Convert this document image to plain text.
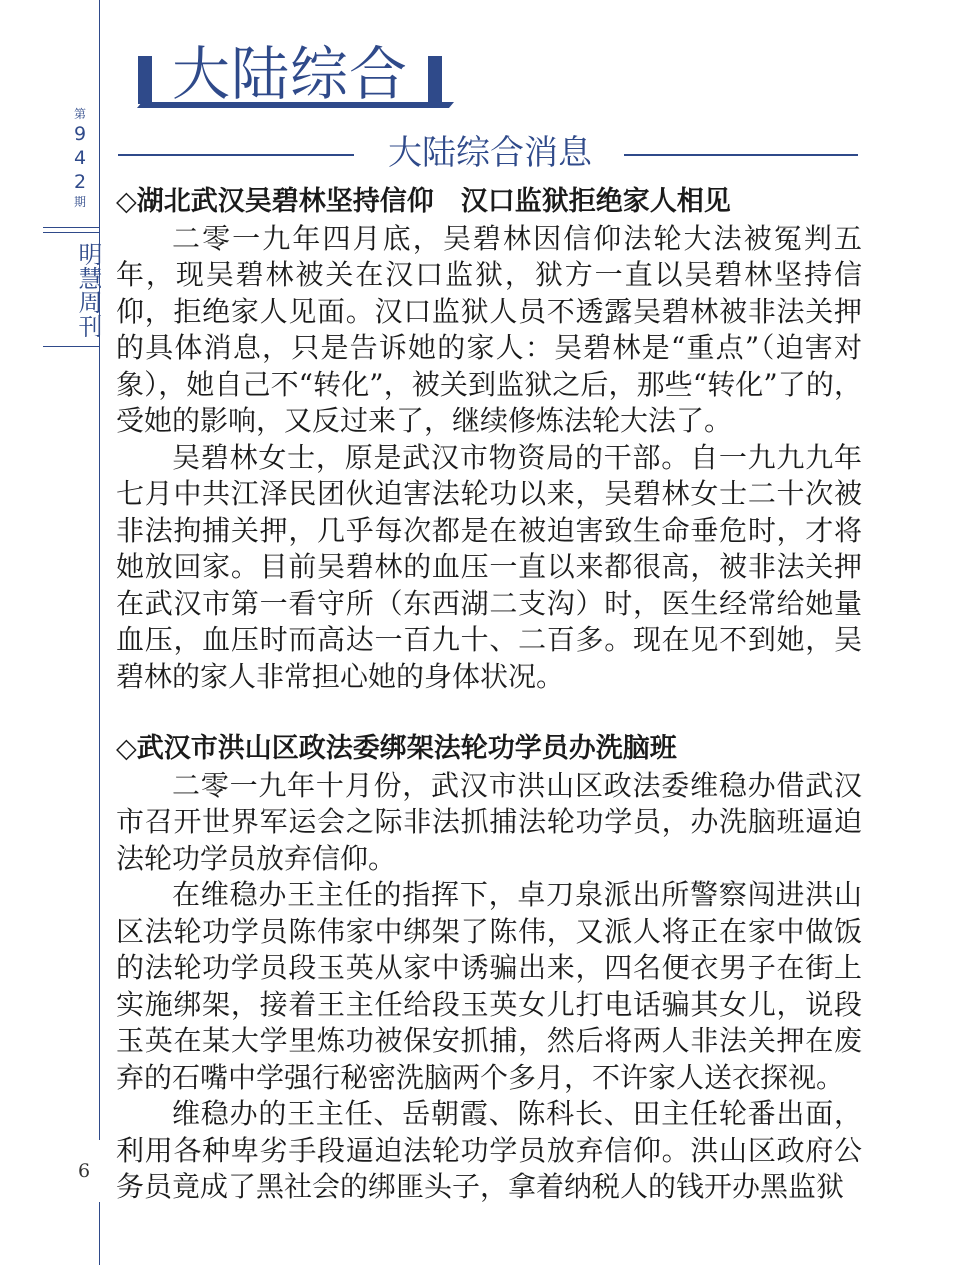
第
9
4
2
期
明慧周刊
6
大陆综合
大陆综合消息

◇湖北武汉吴碧林坚持信仰　汉口监狱拒绝家人相见

二零一九年四月底，吴碧林因信仰法轮大法被冤判五年，现吴碧林被关在汉口监狱，狱方一直以吴碧林坚持信仰，拒绝家人见面。汉口监狱人员不透露吴碧林被非法关押的具体消息，只是告诉她的家人：吴碧林是“重点”（迫害对象），她自己不“转化”，被关到监狱之后，那些“转化”了的，受她的影响，又反过来了，继续修炼法轮大法了。

吴碧林女士，原是武汉市物资局的干部。自一九九九年七月中共江泽民团伙迫害法轮功以来，吴碧林女士二十次被非法拘捕关押，几乎每次都是在被迫害致生命垂危时，才将她放回家。目前吴碧林的血压一直以来都很高，被非法关押在武汉市第一看守所（东西湖二支沟）时，医生经常给她量血压，血压时而高达一百九十、二百多。现在见不到她，吴碧林的家人非常担心她的身体状况。

◇武汉市洪山区政法委绑架法轮功学员办洗脑班

二零一九年十月份，武汉市洪山区政法委维稳办借武汉市召开世界军运会之际非法抓捕法轮功学员，办洗脑班逼迫法轮功学员放弃信仰。

在维稳办王主任的指挥下，卓刀泉派出所警察闯进洪山区法轮功学员陈伟家中绑架了陈伟，又派人将正在家中做饭的法轮功学员段玉英从家中诱骗出来，四名便衣男子在街上实施绑架，接着王主任给段玉英女儿打电话骗其女儿，说段玉英在某大学里炼功被保安抓捕，然后将两人非法关押在废弃的石嘴中学强行秘密洗脑两个多月，不许家人送衣探视。

维稳办的王主任、岳朝霞、陈科长、田主任轮番出面，利用各种卑劣手段逼迫法轮功学员放弃信仰。洪山区政府公务员竟成了黑社会的绑匪头子，拿着纳税人的钱开办黑监狱
